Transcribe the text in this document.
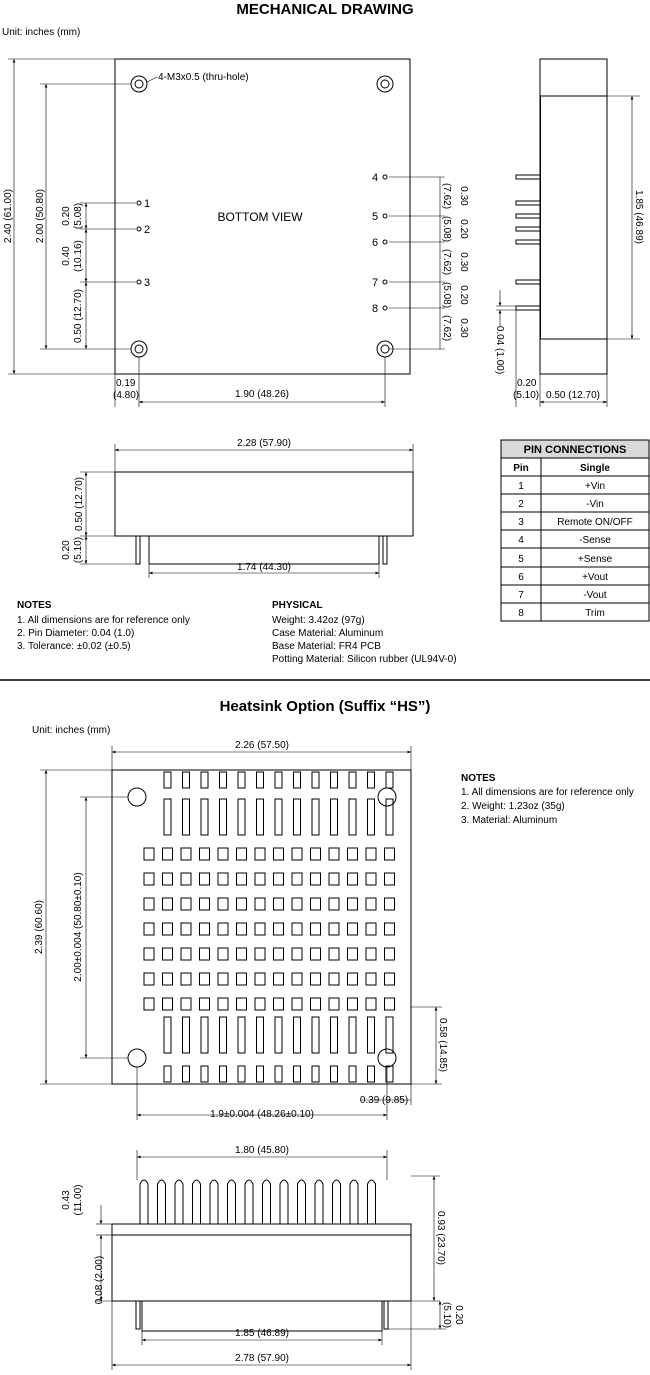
MECHANICAL DRAWING
Unit: inches (mm)
BOTTOM VIEW
4-M3x0.5 (thru-hole)
1
2
3
4
5
6
7
8
2.40 (61.00) 2.00 (50.80) 0.20 (5.08)
0.40 (10.16)
0.50 (12.70)
0.19
(4.80)	1.90 (48.26)
0.30
(7.62)
0.20
(5.08)
0.30
(7.62)
0.20
(5.08)
0.30
(7.62)
1.85 (46.89)
0.04 (1.00)
0.20
(5.10) 0.50 (12.70)
2.28 (57.90)
0.50 (12.70)
0.20 (5.10)
1.74 (44.30)
PIN CONNECTIONS
Pin	Single
1	+Vin
2	-Vin
3	Remote ON/OFF
4	-Sense
5	+Sense
6	+Vout
7	-Vout
8	Trim
NOTES
1. All dimensions are for reference only
2. Pin Diameter: 0.04 (1.0)
3. Tolerance: ±0.02 (±0.5)
PHYSICAL
Weight: 3.42oz (97g)
Case Material: Aluminum
Base Material: FR4 PCB
Potting Material: Silicon rubber (UL94V-0)
Heatsink Option (Suffix “HS”)
Unit: inches (mm)
2.26 (57.50)
2.39 (60.60)	2.00±0.004 (50.80±0.10)
0.58 (14.85)
0.39 (9.85)
1.9±0.004 (48.26±0.10)
NOTES
1. All dimensions are for reference only
2. Weight: 1.23oz (35g)
3. Material: Aluminum
1.80 (45.80)
0.43 (11.00)
0.93 (23.70)
0.08 (2.00)
0.20
(5.10)
1.85 (46.89)
2.78 (57.90)
